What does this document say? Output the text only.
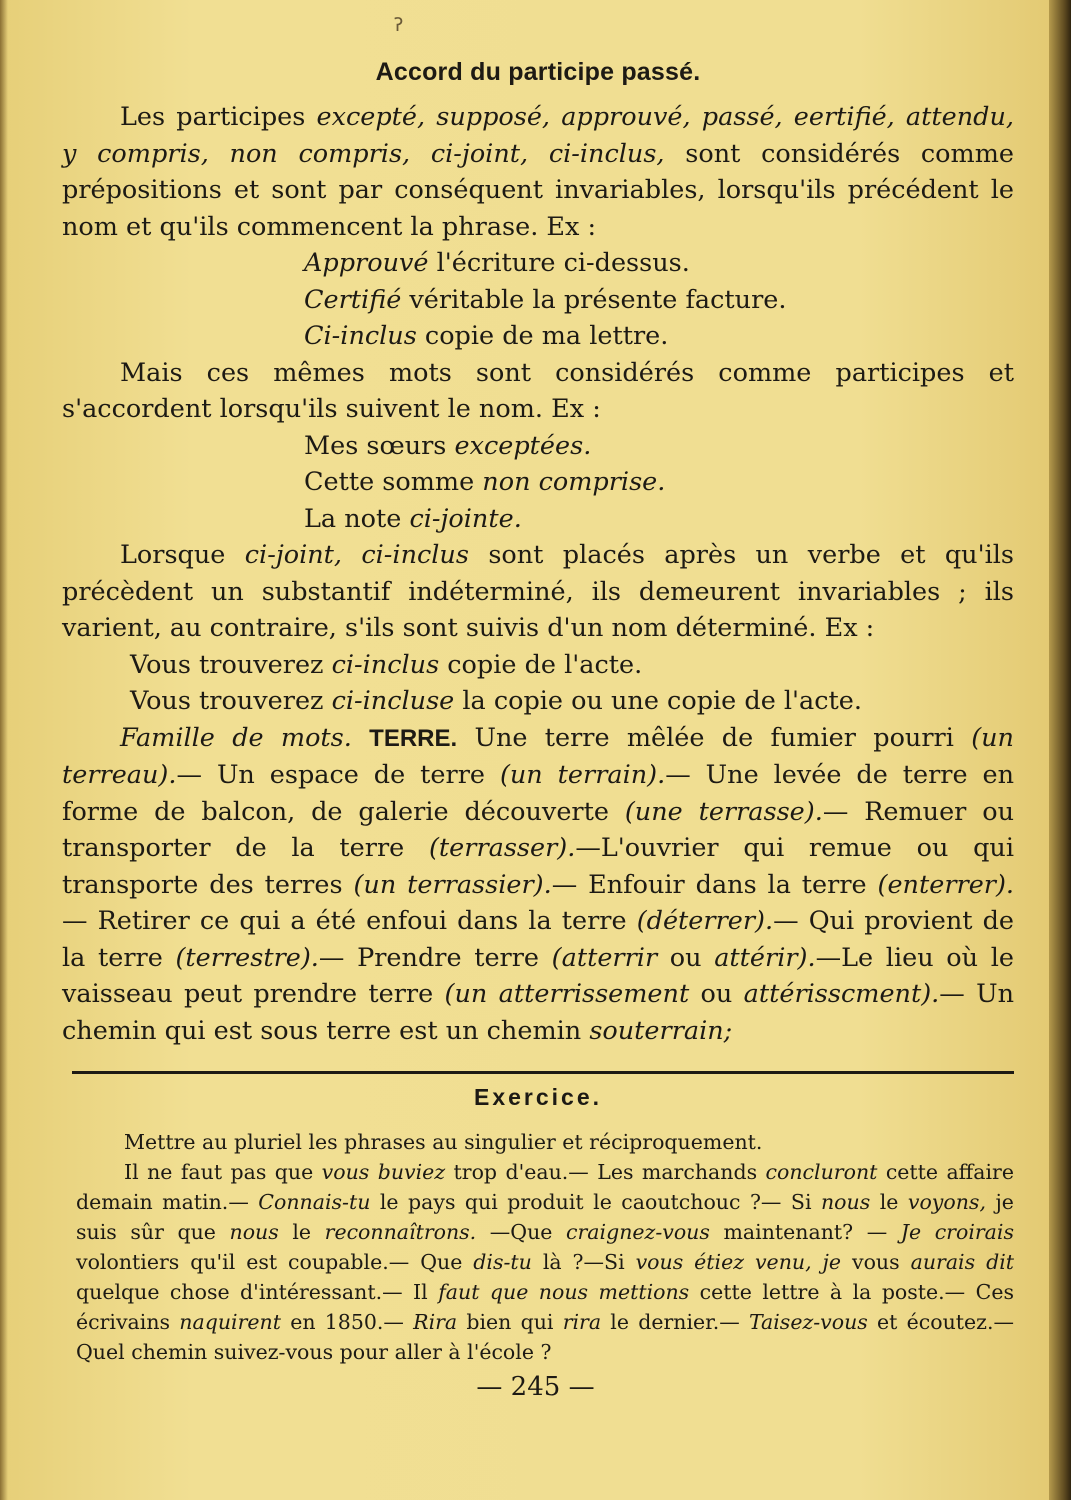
ॽ
Accord du participe passé.

Les participes excepté, supposé, approuvé, passé, eertifié, attendu, y compris, non compris, ci-joint, ci-inclus, sont considérés comme prépositions et sont par conséquent invariables, lorsqu'ils précédent le nom et qu'ils commencent la phrase. Ex :

Approuvé l'écriture ci-dessus.
Certifié véritable la présente facture.
Ci-inclus copie de ma lettre.

Mais ces mêmes mots sont considérés comme participes et s'accordent lorsqu'ils suivent le nom. Ex :

Mes sœurs exceptées.
Cette somme non comprise.
La note ci-jointe.

Lorsque ci-joint, ci-inclus sont placés après un verbe et qu'ils précèdent un substantif indéterminé, ils demeurent invariables ; ils varient, au contraire, s'ils sont suivis d'un nom déterminé. Ex :

Vous trouverez ci-inclus copie de l'acte.
Vous trouverez ci-incluse la copie ou une copie de l'acte.

Famille de mots. TERRE. Une terre mêlée de fumier pourri (un terreau).— Un espace de terre (un terrain).— Une levée de terre en forme de balcon, de galerie découverte (une terrasse).— Remuer ou transporter de la terre (terrasser).—L'ouvrier qui remue ou qui transporte des terres (un terrassier).— Enfouir dans la terre (enterrer).— Retirer ce qui a été enfoui dans la terre (déterrer).— Qui provient de la terre (terrestre).— Prendre terre (atterrir ou attérir).—Le lieu où le vaisseau peut prendre terre (un atterrissement ou attérisscment).— Un chemin qui est sous terre est un chemin souterrain;

Exercice.

Mettre au pluriel les phrases au singulier et réciproquement.

Il ne faut pas que vous buviez trop d'eau.— Les marchands concluront cette affaire demain matin.— Connais-tu le pays qui produit le caoutchouc ?— Si nous le voyons, je suis sûr que nous le reconnaîtrons. —Que craignez-vous maintenant? — Je croirais volontiers qu'il est coupable.— Que dis-tu là ?—Si vous étiez venu, je vous aurais dit quelque chose d'intéressant.— Il faut que nous mettions cette lettre à la poste.— Ces écrivains naquirent en 1850.— Rira bien qui rira le dernier.— Taisez-vous et écoutez.—Quel chemin suivez-vous pour aller à l'école ?

— 245 —
